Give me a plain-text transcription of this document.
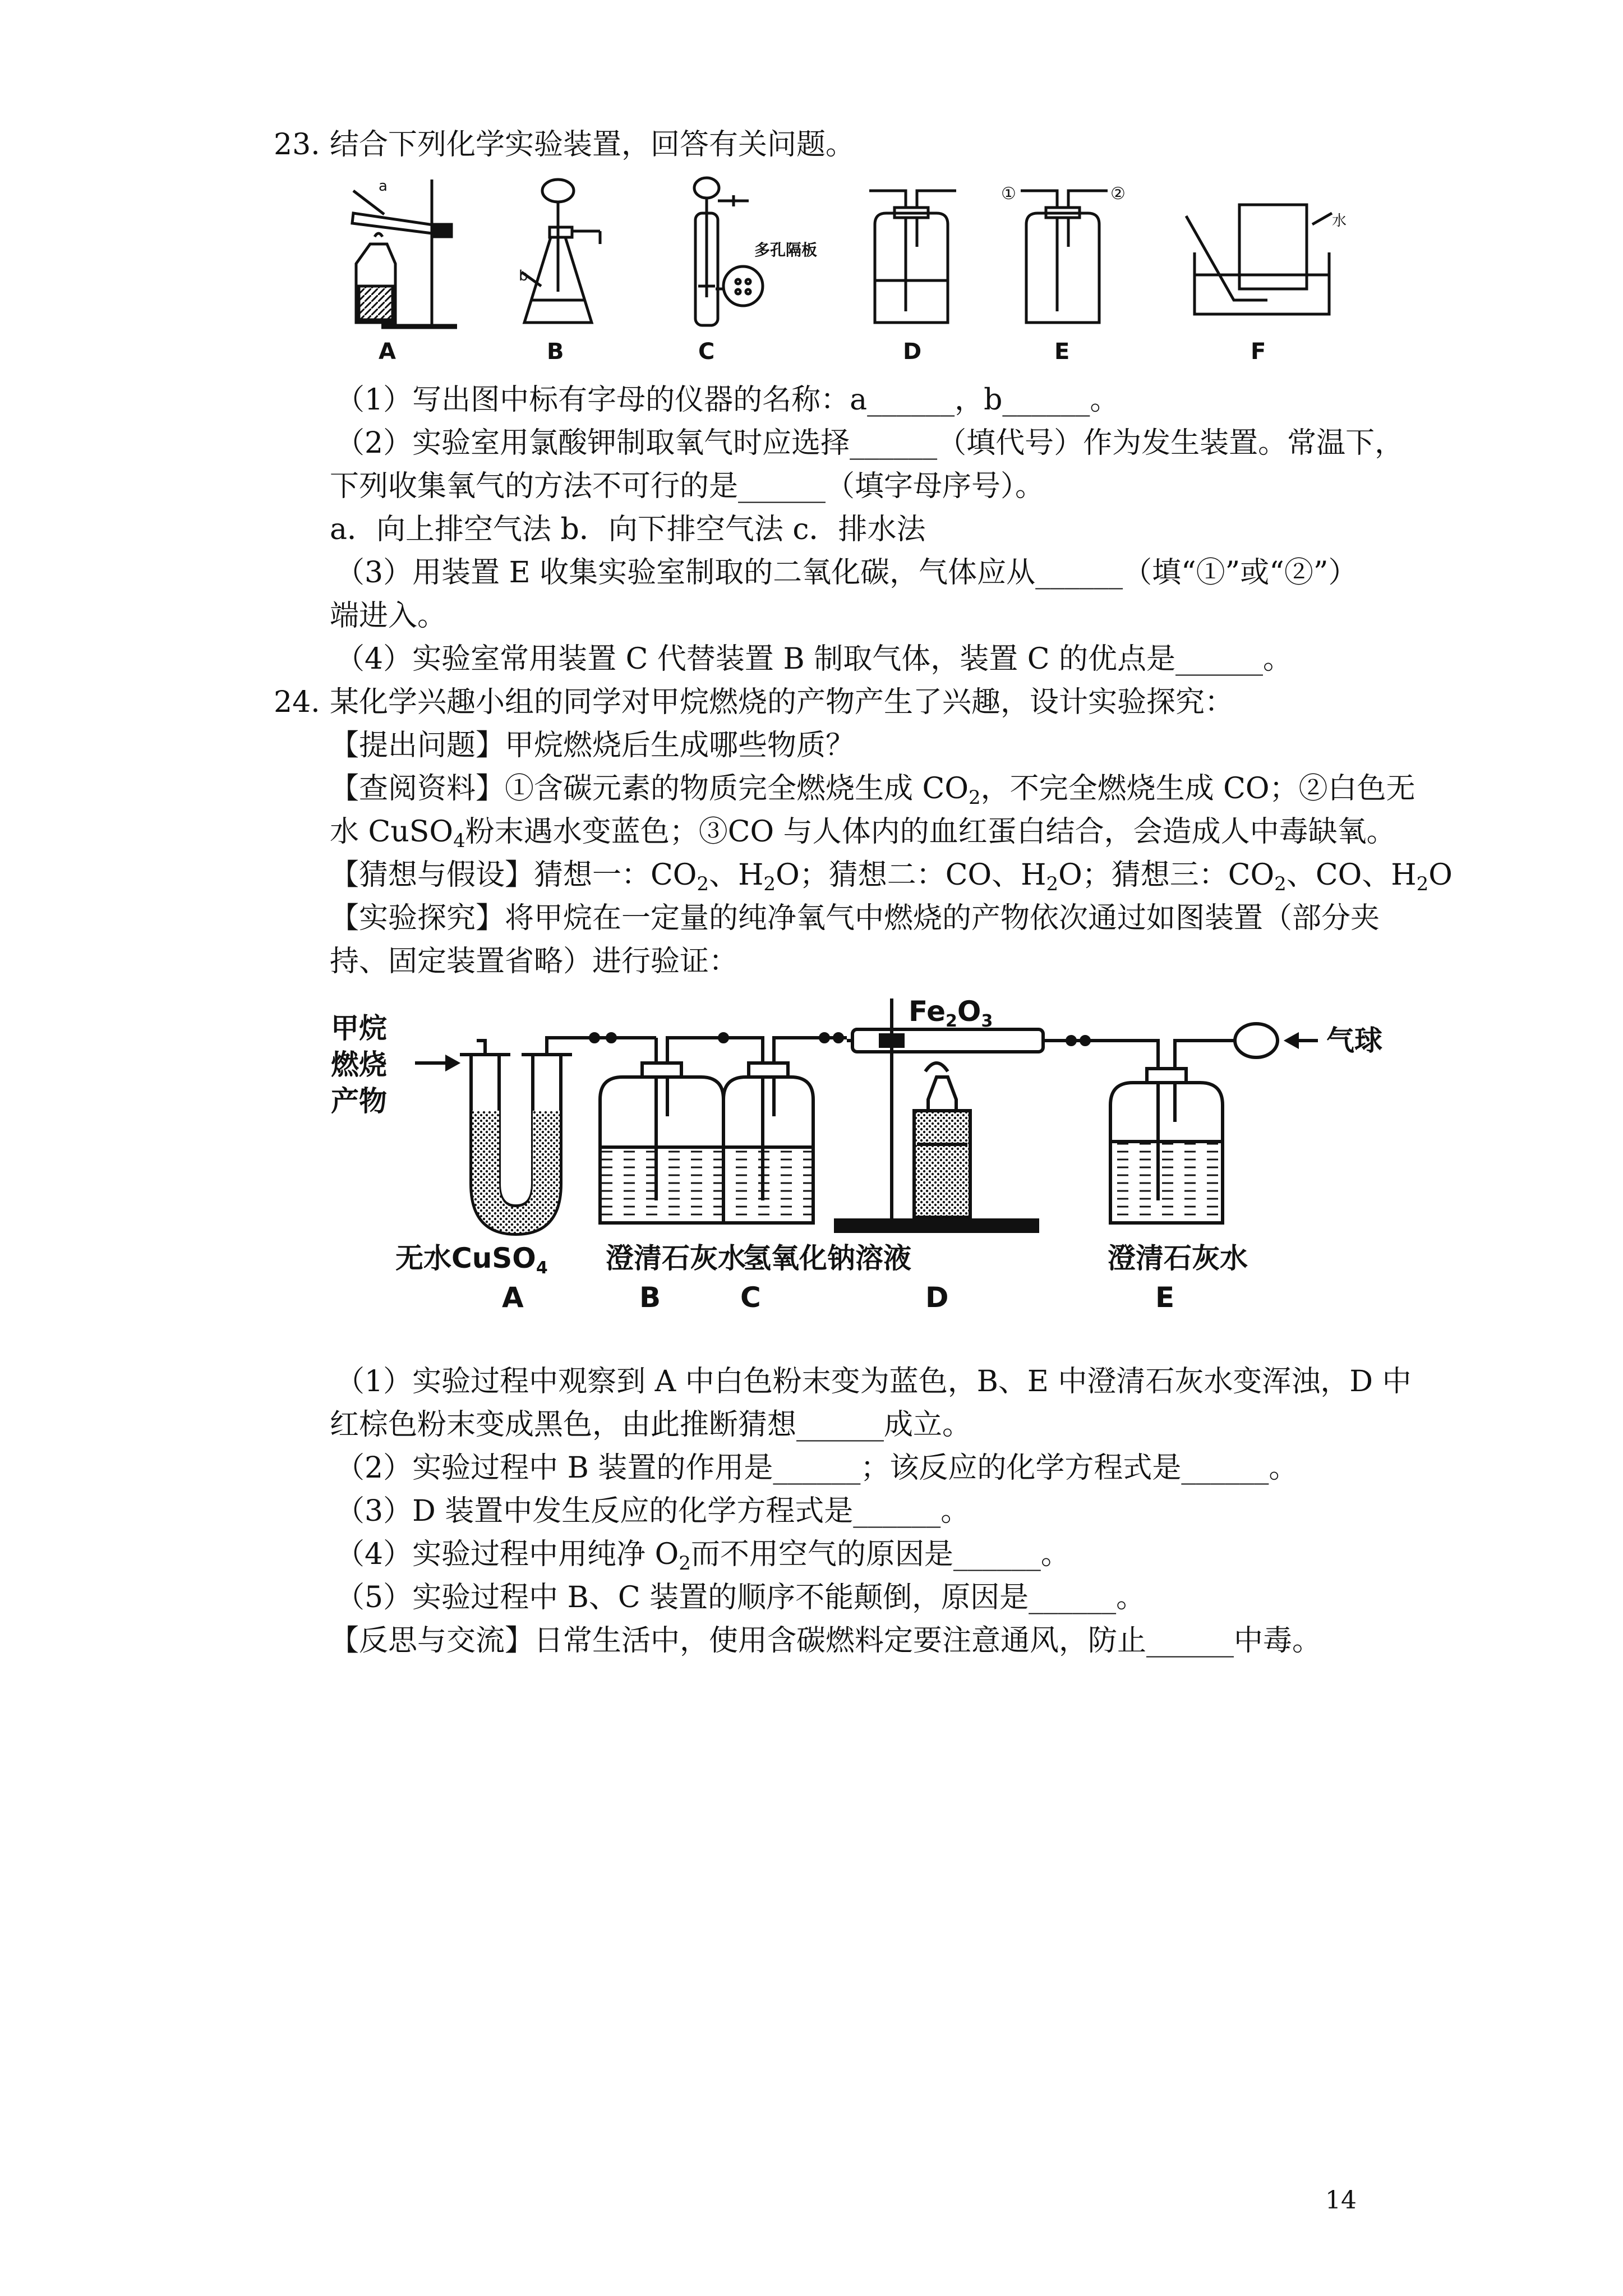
23. 结合下列化学实验装置，回答有关问题。
A	B	C	D	E	F
a
b
多孔隔板
水
①	②
（1）写出图中标有字母的仪器的名称：a______，b______。
（2）实验室用氯酸钾制取氧气时应选择______（填代号）作为发生装置。常温下，
下列收集氧气的方法不可行的是______（填字母序号）。
a．向上排空气法 b．向下排空气法 c．排水法
（3）用装置 E 收集实验室制取的二氧化碳，气体应从______（填“①”或“②”）
端进入。
（4）实验室常用装置 C 代替装置 B 制取气体，装置 C 的优点是______。
24. 某化学兴趣小组的同学对甲烷燃烧的产物产生了兴趣，设计实验探究：
【提出问题】甲烷燃烧后生成哪些物质？
【查阅资料】①含碳元素的物质完全燃烧生成 $CO_2$，不完全燃烧生成 CO；②白色无
水 CuSO$_4$粉末遇水变蓝色；③CO 与人体内的血红蛋白结合，会造成人中毒缺氧。
【猜想与假设】猜想一：$CO_2$、$H_2O$；猜想二：CO、$H_2O$；猜想三：$CO_2$、CO、$H_2O$
【实验探究】将甲烷在一定量的纯净氧气中燃烧的产物依次通过如图装置（部分夹
持、固定装置省略）进行验证：
甲烷
燃烧
产物
$Fe_2O_3$
气球
无水CuSO$_4$ 澄清石灰水
氢氧化钠溶液	澄清石灰水
A	B	C	D	E
（1）实验过程中观察到 A 中白色粉末变为蓝色，B、E 中澄清石灰水变浑浊，D 中
红棕色粉末变成黑色，由此推断猜想______成立。
（2）实验过程中 B 装置的作用是______；该反应的化学方程式是______。
（3）D 装置中发生反应的化学方程式是______。
（4）实验过程中用纯净 $O_2$而不用空气的原因是______。
（5）实验过程中 B、C 装置的顺序不能颠倒，原因是______。
【反思与交流】日常生活中，使用含碳燃料定要注意通风，防止______中毒。
14
